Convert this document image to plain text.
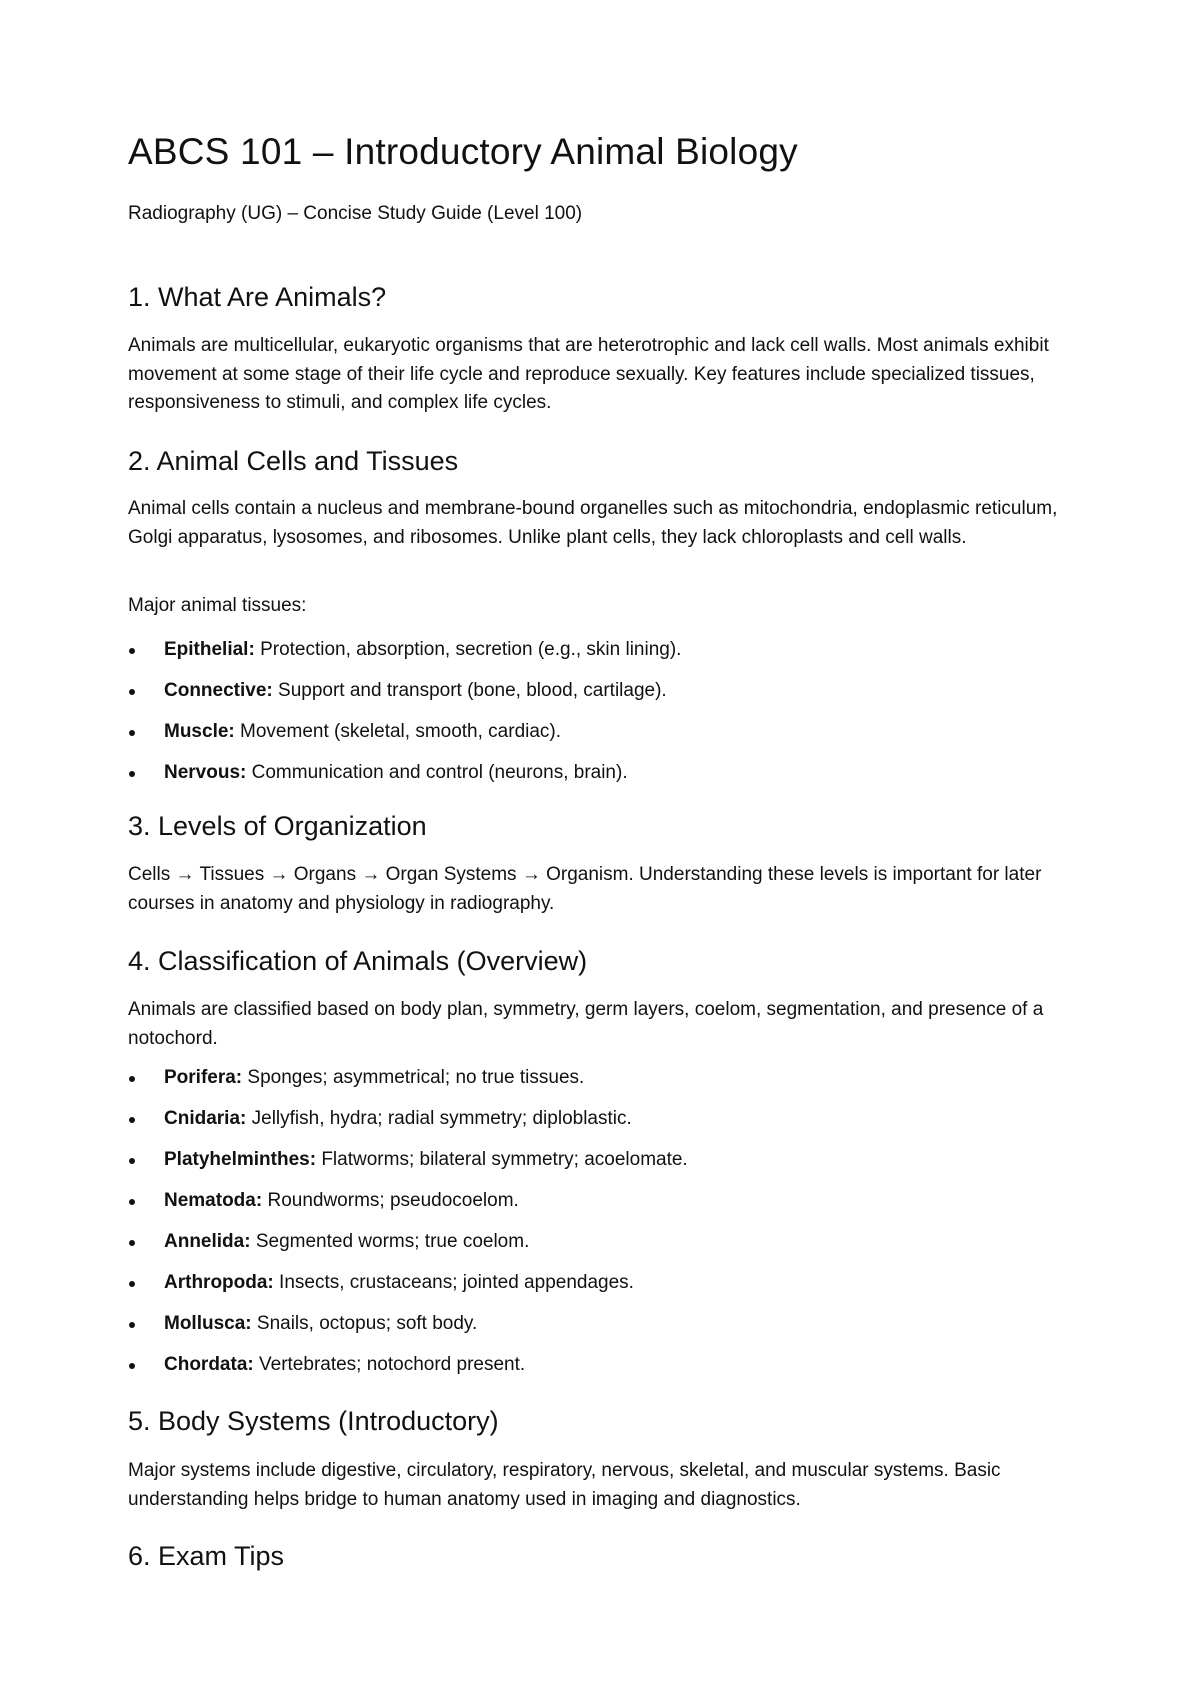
ABCS 101 – Introductory Animal Biology

Radiography (UG) – Concise Study Guide (Level 100)

1. What Are Animals?

Animals are multicellular, eukaryotic organisms that are heterotrophic and lack cell walls. Most animals exhibit movement at some stage of their life cycle and reproduce sexually. Key features include specialized tissues, responsiveness to stimuli, and complex life cycles.

2. Animal Cells and Tissues

Animal cells contain a nucleus and membrane-bound organelles such as mitochondria, endoplasmic reticulum, Golgi apparatus, lysosomes, and ribosomes. Unlike plant cells, they lack chloroplasts and cell walls.

Major animal tissues:

Epithelial: Protection, absorption, secretion (e.g., skin lining).
Connective: Support and transport (bone, blood, cartilage).
Muscle: Movement (skeletal, smooth, cardiac).
Nervous: Communication and control (neurons, brain).
3. Levels of Organization

Cells → Tissues → Organs → Organ Systems → Organism. Understanding these levels is important for later courses in anatomy and physiology in radiography.

4. Classification of Animals (Overview)

Animals are classified based on body plan, symmetry, germ layers, coelom, segmentation, and presence of a notochord.

Porifera: Sponges; asymmetrical; no true tissues.
Cnidaria: Jellyfish, hydra; radial symmetry; diploblastic.
Platyhelminthes: Flatworms; bilateral symmetry; acoelomate.
Nematoda: Roundworms; pseudocoelom.
Annelida: Segmented worms; true coelom.
Arthropoda: Insects, crustaceans; jointed appendages.
Mollusca: Snails, octopus; soft body.
Chordata: Vertebrates; notochord present.
5. Body Systems (Introductory)

Major systems include digestive, circulatory, respiratory, nervous, skeletal, and muscular systems. Basic understanding helps bridge to human anatomy used in imaging and diagnostics.

6. Exam Tips
